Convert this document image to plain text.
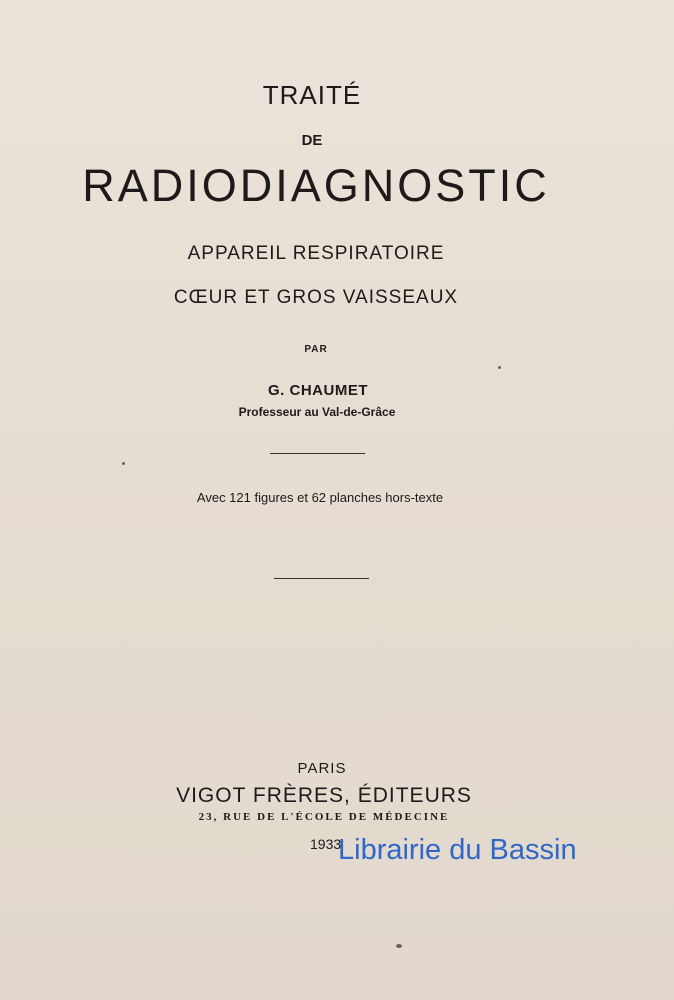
TRAITÉ
DE
RADIODIAGNOSTIC
APPAREIL RESPIRATOIRE
CŒUR ET GROS VAISSEAUX
PAR
G. CHAUMET
Professeur au Val-de-Grâce
Avec 121 figures et 62 planches hors-texte
PARIS
VIGOT FRÈRES, ÉDITEURS
23, RUE DE L'ÉCOLE DE MÉDECINE
1933
Librairie du Bassin
